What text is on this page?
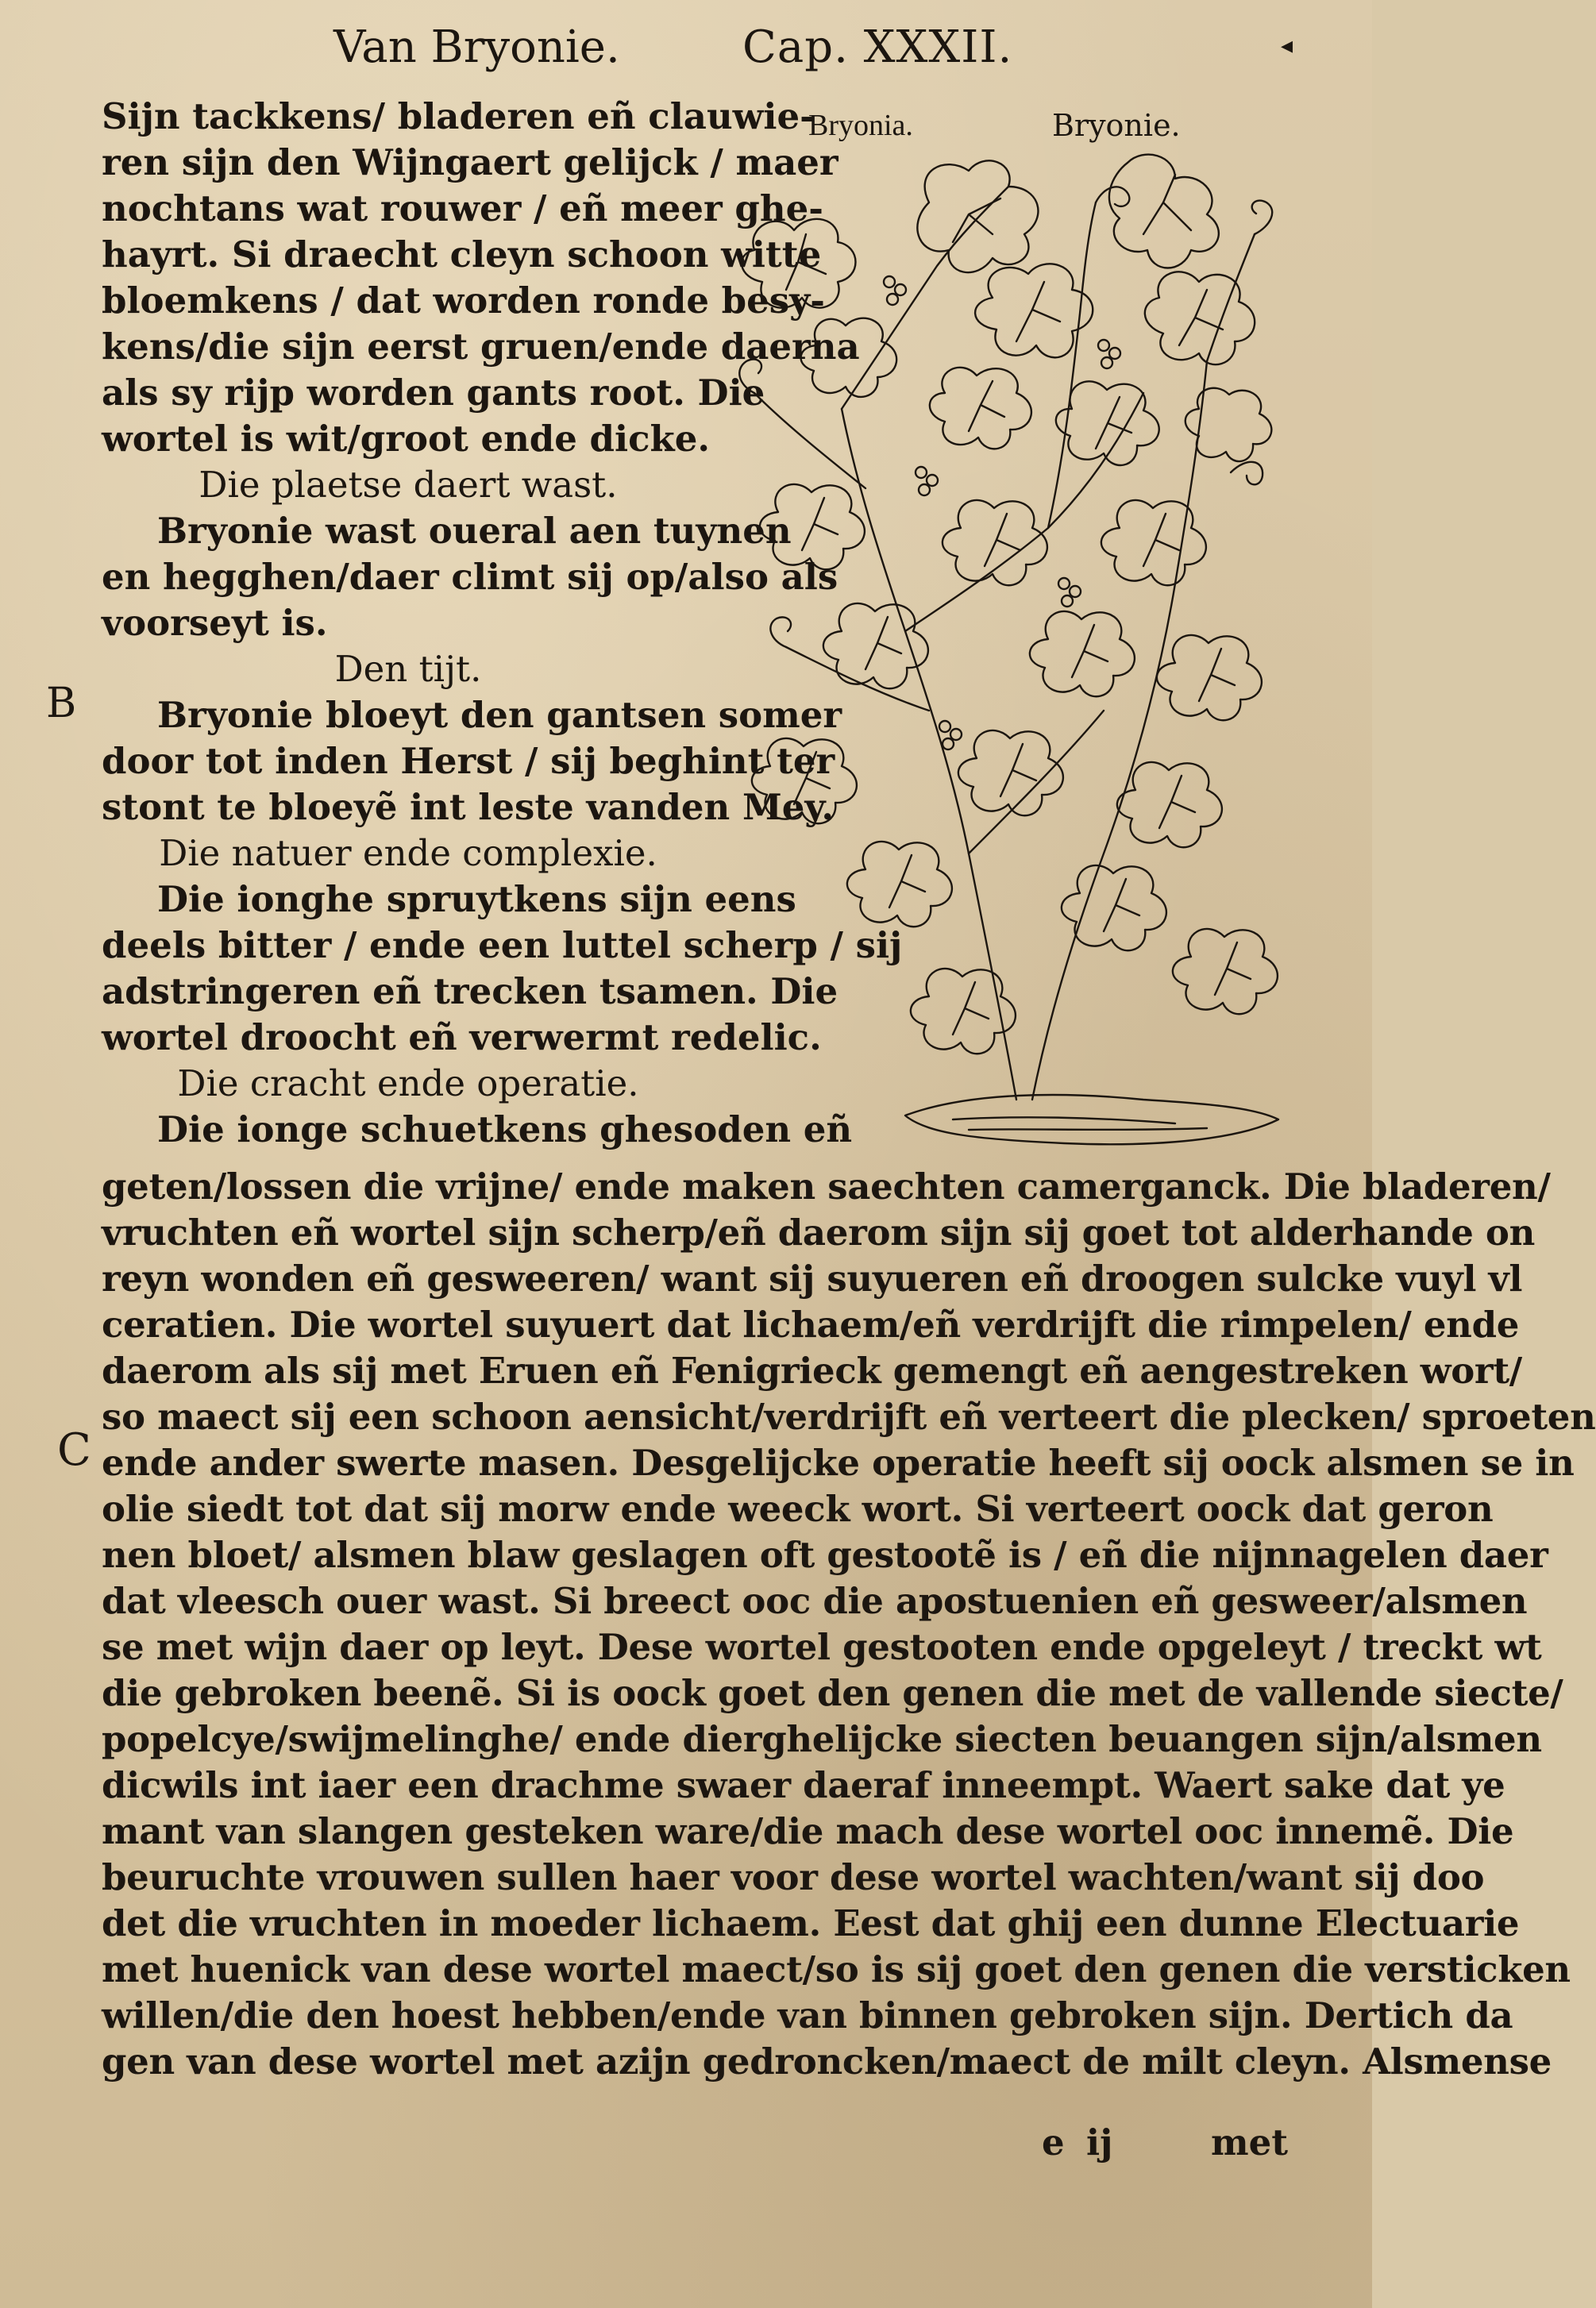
Van Bryonie.	Cap. XXXII.	◂
Bryonia.	Bryonie.
B
C
Sijn tackkens/ bladeren eñ clauwie-
ren sijn den Wijngaert gelijck / maer
nochtans wat rouwer / eñ meer ghe-
hayrt. Si draecht cleyn schoon witte
bloemkens / dat worden ronde besy-
kens/die sijn eerst gruen/ende daerna
als sy rijp worden gants root. Die
wortel is wit/groot ende dicke.
Die plaetse daert wast.
Bryonie wast oueral aen tuynen
en hegghen/daer climt sij op/also als
voorseyt is.
Den tijt.
Bryonie bloeyt den gantsen somer
door tot inden Herst / sij beghint ter
stont te bloeyẽ int leste vanden Mey.
Die natuer ende complexie.
Die ionghe spruytkens sijn eens
deels bitter / ende een luttel scherp / sij
adstringeren eñ trecken tsamen. Die
wortel droocht eñ verwermt redelic.
Die cracht ende operatie.
Die ionge schuetkens ghesoden eñ
geten/lossen die vrijne/ ende maken saechten camerganck. Die bladeren/
vruchten eñ wortel sijn scherp/eñ daerom sijn sij goet tot alderhande on
reyn wonden eñ gesweeren/ want sij suyueren eñ droogen sulcke vuyl vl
ceratien. Die wortel suyuert dat lichaem/eñ verdrijft die rimpelen/ ende
daerom als sij met Eruen eñ Fenigrieck gemengt eñ aengestreken wort/
so maect sij een schoon aensicht/verdrijft eñ verteert die plecken/ sproeten
ende ander swerte masen. Desgelijcke operatie heeft sij oock alsmen se in
olie siedt tot dat sij morw ende weeck wort. Si verteert oock dat geron
nen bloet/ alsmen blaw geslagen oft gestootẽ is / eñ die nijnnagelen daer
dat vleesch ouer wast. Si breect ooc die apostuenien eñ gesweer/alsmen
se met wijn daer op leyt. Dese wortel gestooten ende opgeleyt / treckt wt
die gebroken beenẽ. Si is oock goet den genen die met de vallende siecte/
popelcye/swijmelinghe/ ende dierghelijcke siecten beuangen sijn/alsmen
dicwils int iaer een drachme swaer daeraf inneempt. Waert sake dat ye
mant van slangen gesteken ware/die mach dese wortel ooc innemẽ. Die
beuruchte vrouwen sullen haer voor dese wortel wachten/want sij doo
det die vruchten in moeder lichaem. Eest dat ghij een dunne Electuarie
met huenick van dese wortel maect/so is sij goet den genen die versticken
willen/die den hoest hebben/ende van binnen gebroken sijn. Dertich da
gen van dese wortel met azijn gedroncken/maect de milt cleyn. Alsmense
e ij	met
